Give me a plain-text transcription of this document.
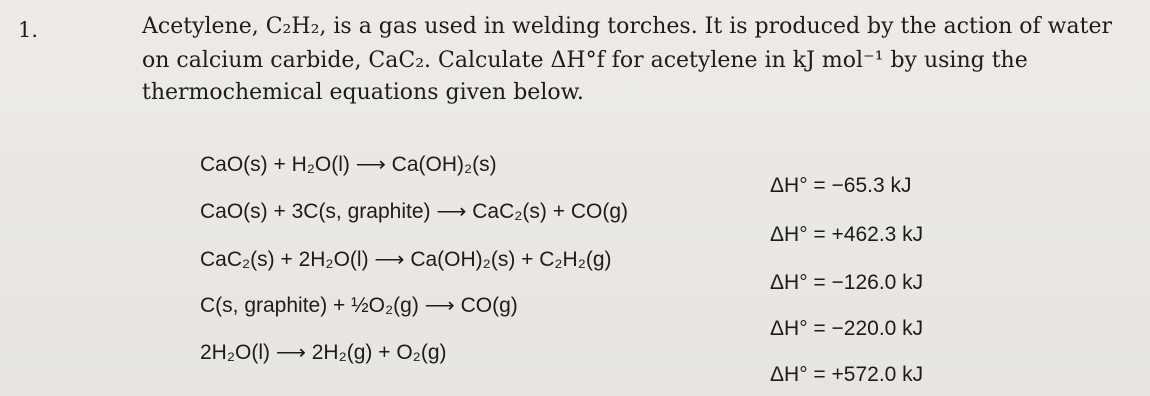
1.	Acetylene, C₂H₂, is a gas used in welding torches. It is produced by the action of water
on calcium carbide, CaC₂. Calculate ΔH°f for acetylene in kJ mol⁻¹ by using the
thermochemical equations given below.
CaO(s) + H₂O(l) ⟶ Ca(OH)₂(s)
ΔH° = −65.3 kJ
CaO(s) + 3C(s, graphite) ⟶ CaC₂(s) + CO(g)
ΔH° = +462.3 kJ
CaC₂(s) + 2H₂O(l) ⟶ Ca(OH)₂(s) + C₂H₂(g)
ΔH° = −126.0 kJ
C(s, graphite) + ½O₂(g) ⟶ CO(g)
ΔH° = −220.0 kJ
2H₂O(l) ⟶ 2H₂(g) + O₂(g)
ΔH° = +572.0 kJ
